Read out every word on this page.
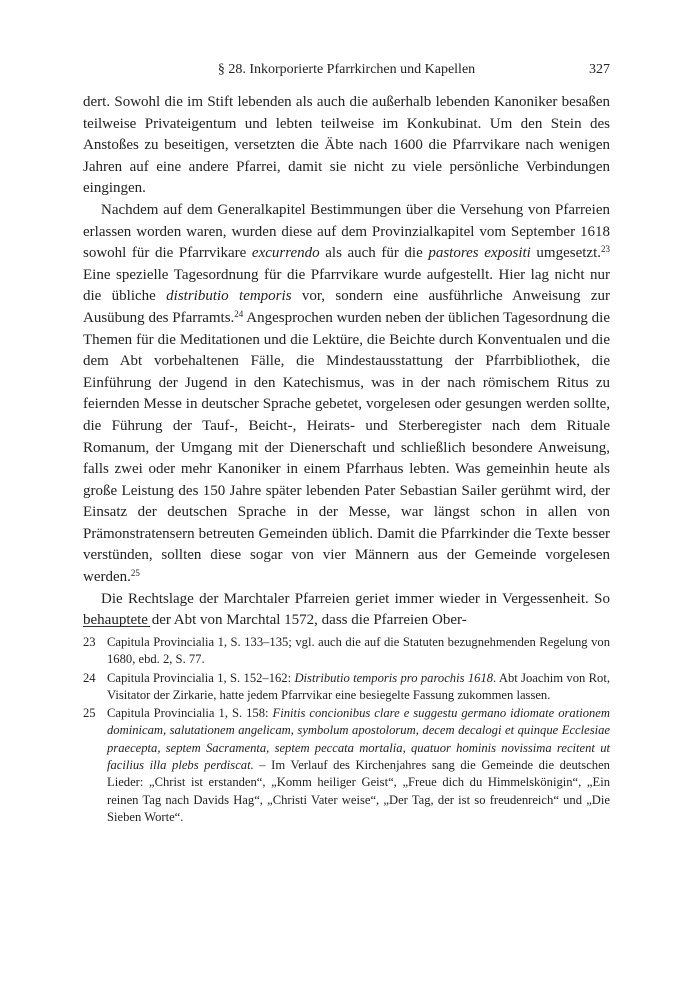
§ 28. Inkorporierte Pfarrkirchen und Kapellen	327

dert. Sowohl die im Stift lebenden als auch die außerhalb lebenden Kanoniker besaßen teilweise Privateigentum und lebten teilweise im Konkubinat. Um den Stein des Anstoßes zu beseitigen, versetzten die Äbte nach 1600 die Pfarrvikare nach wenigen Jahren auf eine andere Pfarrei, damit sie nicht zu viele persönliche Verbindungen eingingen.

Nachdem auf dem Generalkapitel Bestimmungen über die Versehung von Pfarreien erlassen worden waren, wurden diese auf dem Provinzialkapitel vom September 1618 sowohl für die Pfarrvikare excurrendo als auch für die pastores expositi umgesetzt.$^{23}$ Eine spezielle Tagesordnung für die Pfarrvikare wurde aufgestellt. Hier lag nicht nur die übliche distributio temporis vor, sondern eine ausführliche Anweisung zur Ausübung des Pfarramts.$^{24}$ Angesprochen wurden neben der üblichen Tagesordnung die Themen für die Meditationen und die Lektüre, die Beichte durch Konventualen und die dem Abt vorbehaltenen Fälle, die Mindestausstattung der Pfarrbibliothek, die Einführung der Jugend in den Katechismus, was in der nach römischem Ritus zu feiernden Messe in deutscher Sprache gebetet, vorgelesen oder gesungen werden sollte, die Führung der Tauf-, Beicht-, Heirats- und Sterberegister nach dem Rituale Romanum, der Umgang mit der Dienerschaft und schließlich besondere Anweisung, falls zwei oder mehr Kanoniker in einem Pfarrhaus lebten. Was gemeinhin heute als große Leistung des 150 Jahre später lebenden Pater Sebastian Sailer gerühmt wird, der Einsatz der deutschen Sprache in der Messe, war längst schon in allen von Prämonstratensern betreuten Gemeinden üblich. Damit die Pfarrkinder die Texte besser verstünden, sollten diese sogar von vier Männern aus der Gemeinde vorgelesen werden.$^{25}$

Die Rechtslage der Marchtaler Pfarreien geriet immer wieder in Vergessenheit. So behauptete der Abt von Marchtal 1572, dass die Pfarreien Ober-

23 Capitula Provincialia 1, S. 133–135; vgl. auch die auf die Statuten bezugnehmenden Regelung von 1680, ebd. 2, S. 77.
24 Capitula Provincialia 1, S. 152–162: Distributio temporis pro parochis 1618. Abt Joachim von Rot, Visitator der Zirkarie, hatte jedem Pfarrvikar eine besiegelte Fassung zukommen lassen.
25 Capitula Provincialia 1, S. 158: Finitis concionibus clare e suggestu germano idiomate orationem dominicam, salutationem angelicam, symbolum apostolorum, decem decalogi et quinque Ecclesiae praecepta, septem Sacramenta, septem peccata mortalia, quatuor hominis novissima recitent ut facilius illa plebs perdiscat. – Im Verlauf des Kirchenjahres sang die Gemeinde die deutschen Lieder: „Christ ist erstanden“, „Komm heiliger Geist“, „Freue dich du Himmelskönigin“, „Ein reinen Tag nach Davids Hag“, „Christi Vater weise“, „Der Tag, der ist so freudenreich“ und „Die Sieben Worte“.
